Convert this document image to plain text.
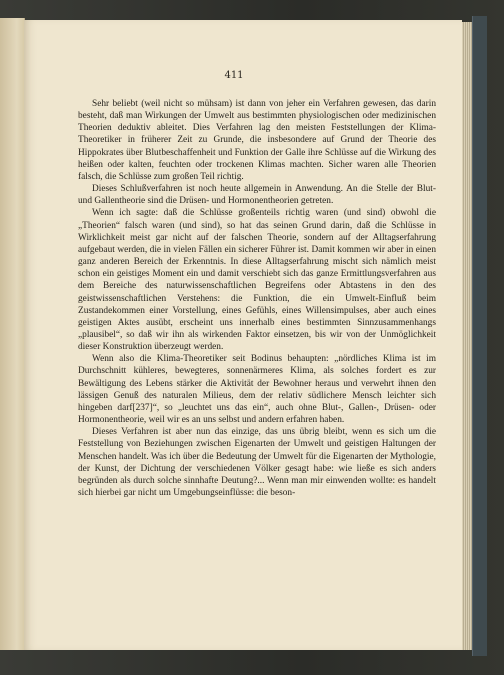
411

Sehr beliebt (weil nicht so mühsam) ist dann von jeher ein Verfahren gewesen, das darin besteht, daß man Wirkungen der Umwelt aus bestimmten physiologischen oder medizinischen Theorien deduktiv ableitet. Dies Verfahren lag den meisten Feststellungen der Klima-Theoretiker in früherer Zeit zu Grunde, die insbesondere auf Grund der Theorie des Hippokrates über Blutbeschaffenheit und Funktion der Galle ihre Schlüsse auf die Wirkung des heißen oder kalten, feuchten oder trockenen Klimas machten. Sicher waren alle Theorien falsch, die Schlüsse zum großen Teil richtig.

Dieses Schlußverfahren ist noch heute allgemein in Anwendung. An die Stelle der Blut- und Gallentheorie sind die Drüsen- und Hormonentheorien getreten.

Wenn ich sagte: daß die Schlüsse großenteils richtig waren (und sind) obwohl die „Theorien“ falsch waren (und sind), so hat das seinen Grund darin, daß die Schlüsse in Wirklichkeit meist gar nicht auf der falschen Theorie, sondern auf der Alltagserfahrung aufgebaut werden, die in vielen Fällen ein sicherer Führer ist. Damit kommen wir aber in einen ganz anderen Bereich der Erkenntnis. In diese Alltagserfahrung mischt sich nämlich meist schon ein geistiges Moment ein und damit verschiebt sich das ganze Ermittlungsverfahren aus dem Bereiche des naturwissenschaftlichen Begreifens oder Abtastens in den des geistwissenschaftlichen Verstehens: die Funktion, die ein Umwelt-Einfluß beim Zustandekommen einer Vorstellung, eines Gefühls, eines Willensimpulses, aber auch eines geistigen Aktes ausübt, erscheint uns innerhalb eines bestimmten Sinnzusammenhangs „plausibel“, so daß wir ihn als wirkenden Faktor einsetzen, bis wir von der Unmöglichkeit dieser Konstruktion überzeugt werden.

Wenn also die Klima-Theoretiker seit Bodinus behaupten: „nördliches Klima ist im Durchschnitt kühleres, bewegteres, sonnenärmeres Klima, als solches fordert es zur Bewältigung des Lebens stärker die Aktivität der Bewohner heraus und verwehrt ihnen den lässigen Genuß des naturalen Milieus, dem der relativ südlichere Mensch leichter sich hingeben darf[237]“, so „leuchtet uns das ein“, auch ohne Blut-, Gallen-, Drüsen- oder Hormonentheorie, weil wir es an uns selbst und andern erfahren haben.

Dieses Verfahren ist aber nun das einzige, das uns übrig bleibt, wenn es sich um die Feststellung von Beziehungen zwischen Eigenarten der Umwelt und geistigen Haltungen der Menschen handelt. Was ich über die Bedeutung der Umwelt für die Eigenarten der Mythologie, der Kunst, der Dichtung der verschiedenen Völker gesagt habe: wie ließe es sich anders begründen als durch solche sinnhafte Deutung?... Wenn man mir einwenden wollte: es handelt sich hierbei gar nicht um Umgebungseinflüsse: die beson-
